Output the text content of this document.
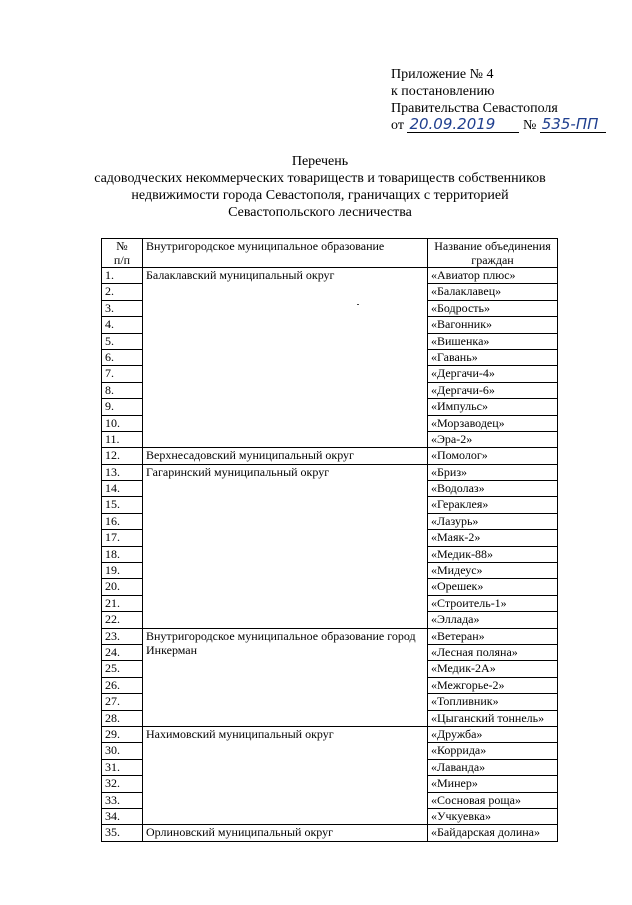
Приложение № 4
к постановлению
Правительства Севастополя
от 20.09.2019 № 535-ПП
Перечень
садоводческих некоммерческих товариществ и товариществ собственников
недвижимости города Севастополя, граничащих с территорией
Севастопольского лесничества
№
п/п	Внутригородское муниципальное образование	Название объединения граждан
1.	Балаклавский муниципальный округ	«Авиатор плюс»
2.		«Балаклавец»
3.		«Бодрость»
4.		«Вагонник»
5.		«Вишенка»
6.		«Гавань»
7.		«Дергачи-4»
8.		«Дергачи-6»
9.		«Импульс»
10.		«Морзаводец»
11.		«Эра-2»
12.	Верхнесадовский муниципальный округ	«Помолог»
13.	Гагаринский муниципальный округ	«Бриз»
14.		«Водолаз»
15.		«Гераклея»
16.		«Лазурь»
17.		«Маяк-2»
18.		«Медик-88»
19.		«Мидеус»
20.		«Орешек»
21.		«Строитель-1»
22.		«Эллада»
23.	Внутригородское муниципальное образование город Инкерман	«Ветеран»
24.		«Лесная поляна»
25.		«Медик-2А»
26.		«Межгорье-2»
27.		«Топливник»
28.		«Цыганский тоннель»
29.	Нахимовский муниципальный округ	«Дружба»
30.		«Коррида»
31.		«Лаванда»
32.		«Минер»
33.		«Сосновая роща»
34.		«Учкуевка»
35.	Орлиновский муниципальный округ	«Байдарская долина»
